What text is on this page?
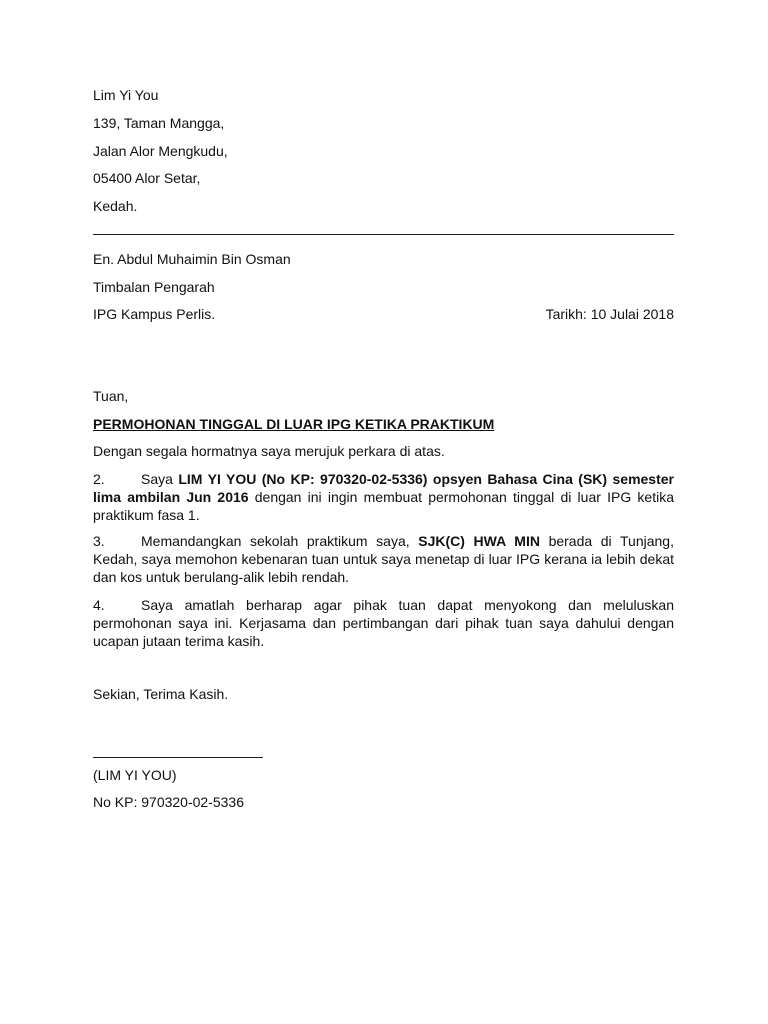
Lim Yi You
139, Taman Mangga,
Jalan Alor Mengkudu,
05400 Alor Setar,
Kedah.
En. Abdul Muhaimin Bin Osman
Timbalan Pengarah
IPG Kampus Perlis.	Tarikh: 10 Julai 2018
Tuan,
PERMOHONAN TINGGAL DI LUAR IPG KETIKA PRAKTIKUM
Dengan segala hormatnya saya merujuk perkara di atas.
2.	Saya LIM YI YOU (No KP: 970320-02-5336) opsyen Bahasa Cina (SK) semester lima ambilan Jun 2016 dengan ini ingin membuat permohonan tinggal di luar IPG ketika praktikum fasa 1.
3.	Memandangkan sekolah praktikum saya, SJK(C) HWA MIN berada di Tunjang, Kedah, saya memohon kebenaran tuan untuk saya menetap di luar IPG kerana ia lebih dekat dan kos untuk berulang-alik lebih rendah.
4.	Saya amatlah berharap agar pihak tuan dapat menyokong dan meluluskan permohonan saya ini. Kerjasama dan pertimbangan dari pihak tuan saya dahului dengan ucapan jutaan terima kasih.
Sekian, Terima Kasih.
(LIM YI YOU)
No KP: 970320-02-5336
